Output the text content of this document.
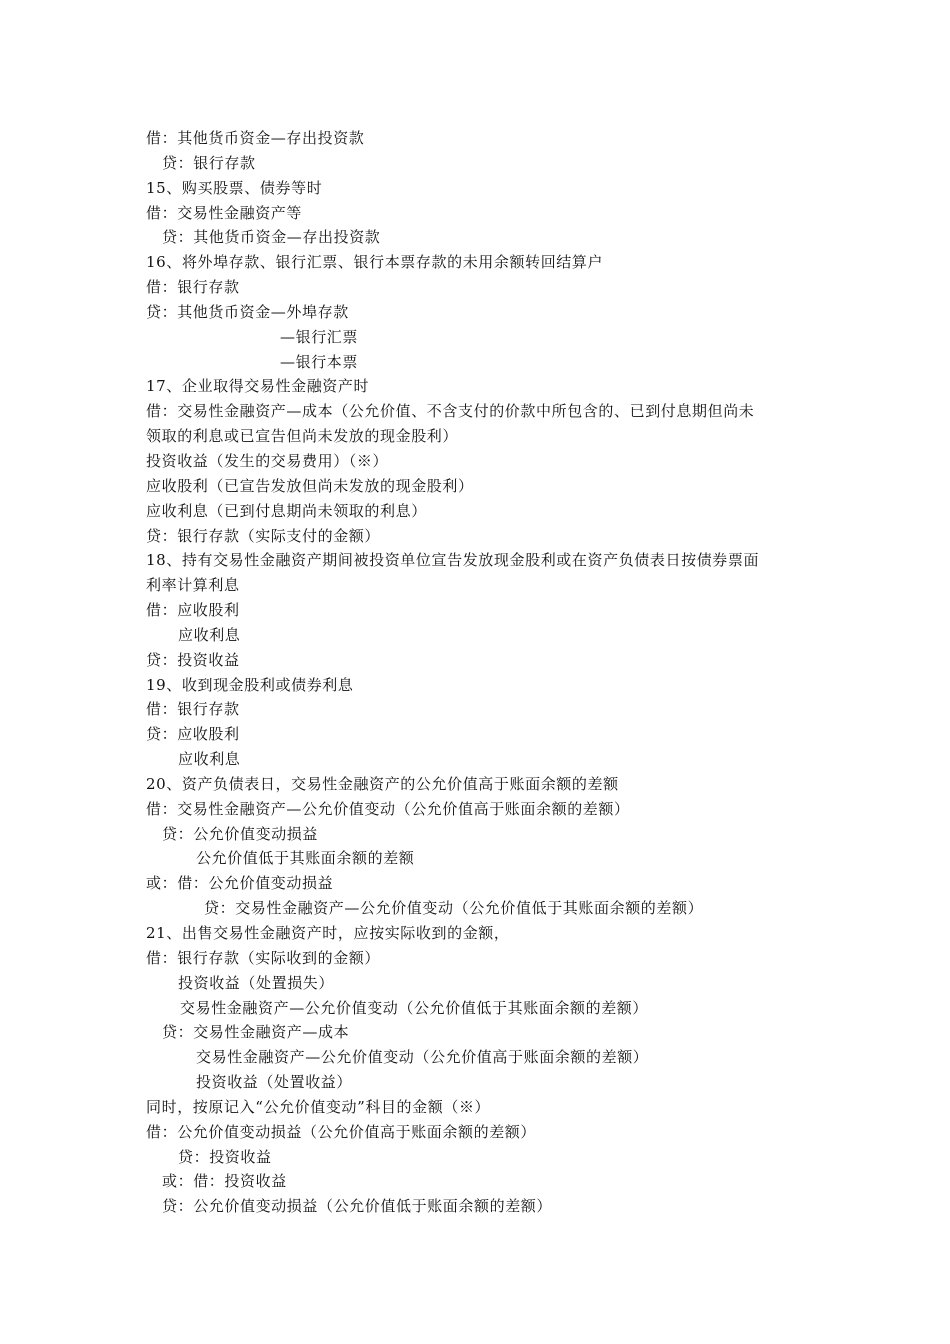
借：其他货币资金—存出投资款
贷：银行存款
15、购买股票、债券等时
借：交易性金融资产等
贷：其他货币资金—存出投资款
16、将外埠存款、银行汇票、银行本票存款的未用余额转回结算户
借：银行存款
贷：其他货币资金—外埠存款
—银行汇票
—银行本票
17、企业取得交易性金融资产时
借：交易性金融资产—成本（公允价值、不含支付的价款中所包含的、已到付息期但尚未
领取的利息或已宣告但尚未发放的现金股利）
投资收益（发生的交易费用）（※）
应收股利（已宣告发放但尚未发放的现金股利）
应收利息（已到付息期尚未领取的利息）
贷：银行存款（实际支付的金额）
18、持有交易性金融资产期间被投资单位宣告发放现金股利或在资产负债表日按债券票面
利率计算利息
借：应收股利
应收利息
贷：投资收益
19、收到现金股利或债券利息
借：银行存款
贷：应收股利
应收利息
20、资产负债表日，交易性金融资产的公允价值高于账面余额的差额
借：交易性金融资产—公允价值变动（公允价值高于账面余额的差额）
贷：公允价值变动损益
公允价值低于其账面余额的差额
或：借：公允价值变动损益
贷：交易性金融资产—公允价值变动（公允价值低于其账面余额的差额）
21、出售交易性金融资产时，应按实际收到的金额，
借：银行存款（实际收到的金额）
投资收益（处置损失）
交易性金融资产—公允价值变动（公允价值低于其账面余额的差额）
贷：交易性金融资产—成本
交易性金融资产—公允价值变动（公允价值高于账面余额的差额）
投资收益（处置收益）
同时，按原记入“公允价值变动”科目的金额（※）
借：公允价值变动损益（公允价值高于账面余额的差额）
贷：投资收益
或：借：投资收益
贷：公允价值变动损益（公允价值低于账面余额的差额）
